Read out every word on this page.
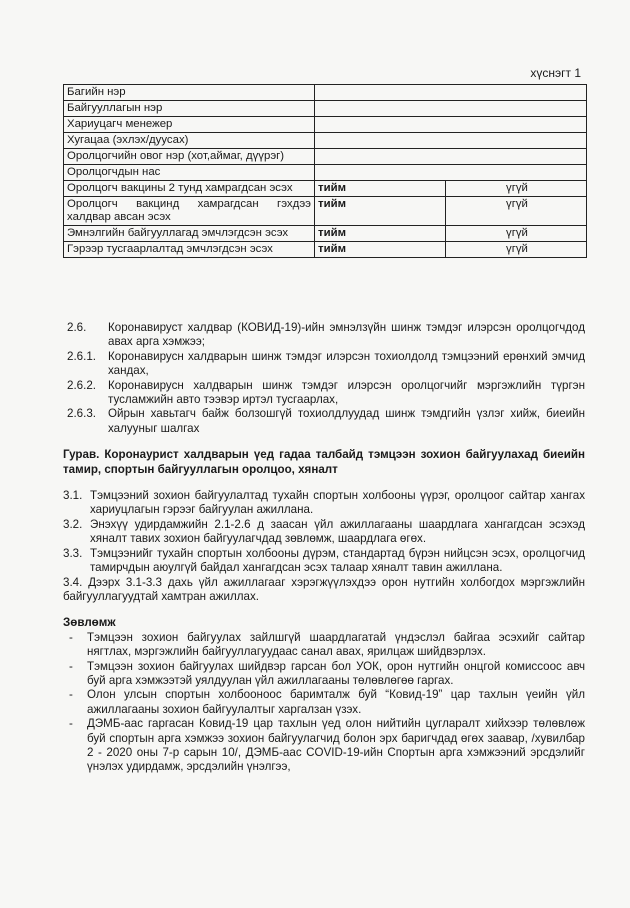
хүснэгт 1
Багийн нэр		
Байгууллагын нэр		
Хариуцагч менежер		
Хугацаа (эхлэх/дуусах)		
Оролцогчийн овог нэр (хот,аймаг, дүүрэг)		
Оролцогчдын нас		
Оролцогч вакцины 2 тунд хамрагдсан эсэх	тийм	үгүй
Оролцогч вакцинд хамрагдсан гэхдээ халдвар авсан эсэх	тийм	үгүй
Эмнэлгийн байгууллагад эмчлэгдсэн эсэх	тийм	үгүй
Гэрээр тусгаарлалтад эмчлэгдсэн эсэх	тийм	үгүй
2.6.	Коронавируст халдвар (КОВИД-19)-ийн эмнэлзүйн шинж тэмдэг илэрсэн оролцогчдод авах арга хэмжээ;
2.6.1.	Коронавирусн халдварын шинж тэмдэг илэрсэн тохиолдолд тэмцээний ерөнхий эмчид хандах,
2.6.2.	Коронавирусн халдварын шинж тэмдэг илэрсэн оролцогчийг мэргэжлийн түргэн тусламжийн авто тээвэр иртэл тусгаарлах,
2.6.3.	Ойрын хавьтагч байж болзошгүй тохиолдлуудад шинж тэмдгийн үзлэг хийж, биеийн халууныг шалгах
Гурав. Коронаурист халдварын үед гадаа талбайд тэмцээн зохион байгуулахад биеийн тамир, спортын байгууллагын оролцоо, хяналт
3.1. Тэмцээний зохион байгуулалтад тухайн спортын холбооны үүрэг, оролцоог сайтар хангах хариуцлагын гэрээг байгуулан ажиллана.
3.2. Энэхүү удирдамжийн 2.1-2.6 д заасан үйл ажиллагааны шаардлага хангагдсан эсэхэд хяналт тавих зохион байгуулагчдад зөвлөмж, шаардлага өгөх.
3.3. Тэмцээнийг тухайн спортын холбооны дүрэм, стандартад бүрэн нийцсэн эсэх, оролцогчид тамирчдын аюулгүй байдал хангагдсан эсэх талаар хяналт тавин ажиллана.
3.4. Дээрх 3.1-3.3 дахь үйл ажиллагааг хэрэгжүүлэхдээ орон нутгийн холбогдох мэргэжлийн байгууллагуудтай хамтран ажиллах.
Зөвлөмж
-	Тэмцээн зохион байгуулах зайлшгүй шаардлагатай үндэслэл байгаа эсэхийг сайтар нягтлах, мэргэжлийн байгууллагуудаас санал авах, ярилцаж шийдвэрлэх.
-	Тэмцээн зохион байгуулах шийдвэр гарсан бол УОК, орон нутгийн онцгой комиссоос авч буй арга хэмжээтэй уялдуулан үйл ажиллагааны төлөвлөгөө гаргах.
-	Олон улсын спортын холбооноос баримталж буй “Ковид-19” цар тахлын үеийн үйл ажиллагааны зохион байгуулалтыг харгалзан үзэх.
-	ДЭМБ-аас гаргасан Ковид-19 цар тахлын үед олон нийтийн цугларалт хийхээр төлөвлөж буй спортын арга хэмжээ зохион байгуулагчид болон эрх баригчдад өгөх заавар, /хувилбар 2 - 2020 оны 7-р сарын 10/, ДЭМБ-аас COVID-19-ийн Спортын арга хэмжээний эрсдэлийг үнэлэх удирдамж, эрсдэлийн үнэлгээ,
